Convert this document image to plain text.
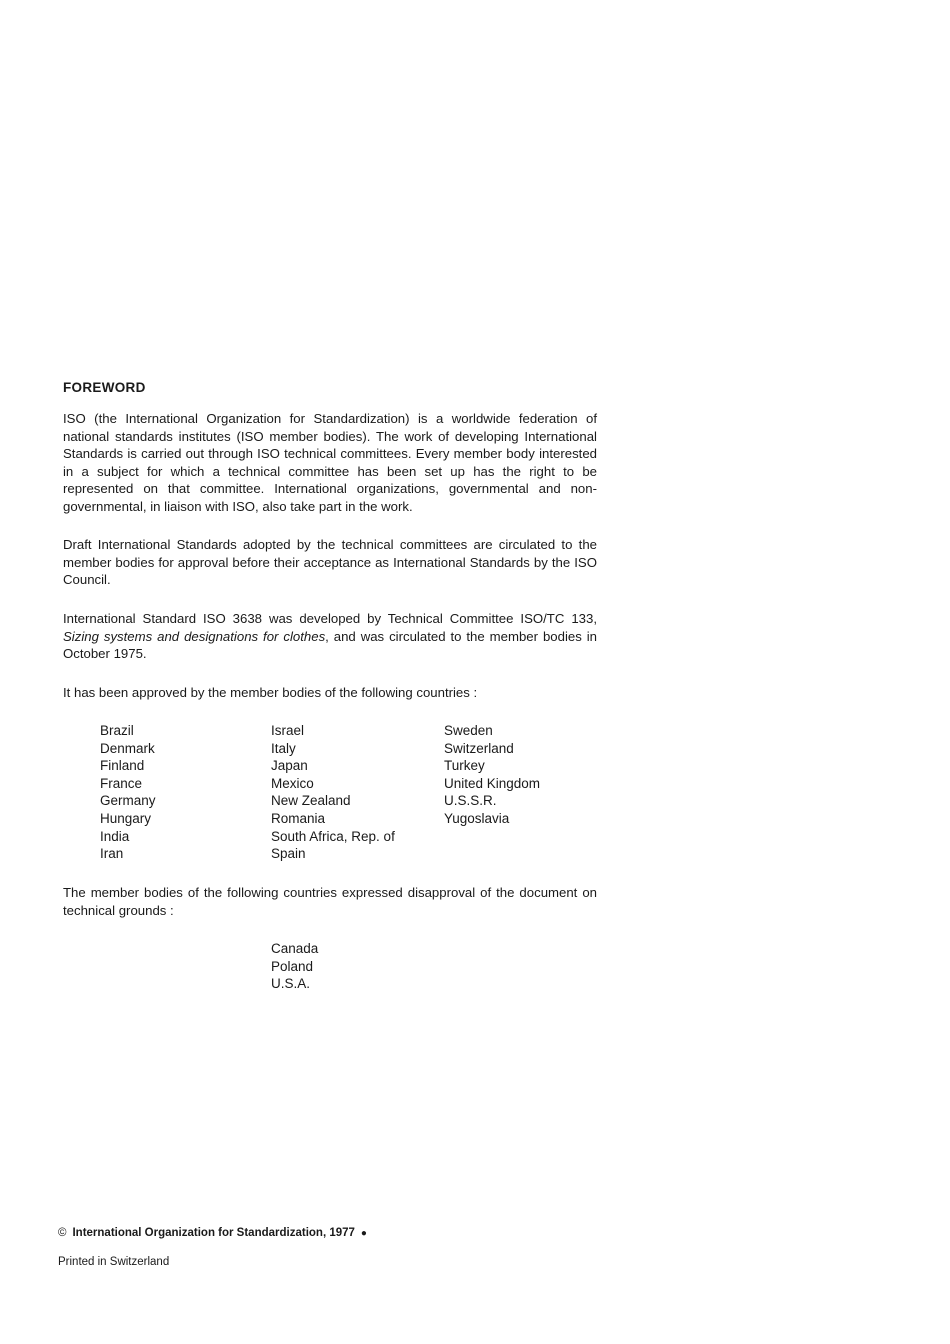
FOREWORD
ISO (the International Organization for Standardization) is a worldwide federation of national standards institutes (ISO member bodies). The work of developing International Standards is carried out through ISO technical committees. Every member body interested in a subject for which a technical committee has been set up has the right to be represented on that committee. International organizations, governmental and non-governmental, in liaison with ISO, also take part in the work.
Draft International Standards adopted by the technical committees are circulated to the member bodies for approval before their acceptance as International Standards by the ISO Council.
International Standard ISO 3638 was developed by Technical Committee ISO/TC 133, Sizing systems and designations for clothes, and was circulated to the member bodies in October 1975.
It has been approved by the member bodies of the following countries :
Brazil
Denmark
Finland
France
Germany
Hungary
India
Iran
Israel
Italy
Japan
Mexico
New Zealand
Romania
South Africa, Rep. of
Spain
Sweden
Switzerland
Turkey
United Kingdom
U.S.S.R.
Yugoslavia
The member bodies of the following countries expressed disapproval of the document on technical grounds :
Canada
Poland
U.S.A.
© International Organization for Standardization, 1977 ●
Printed in Switzerland
